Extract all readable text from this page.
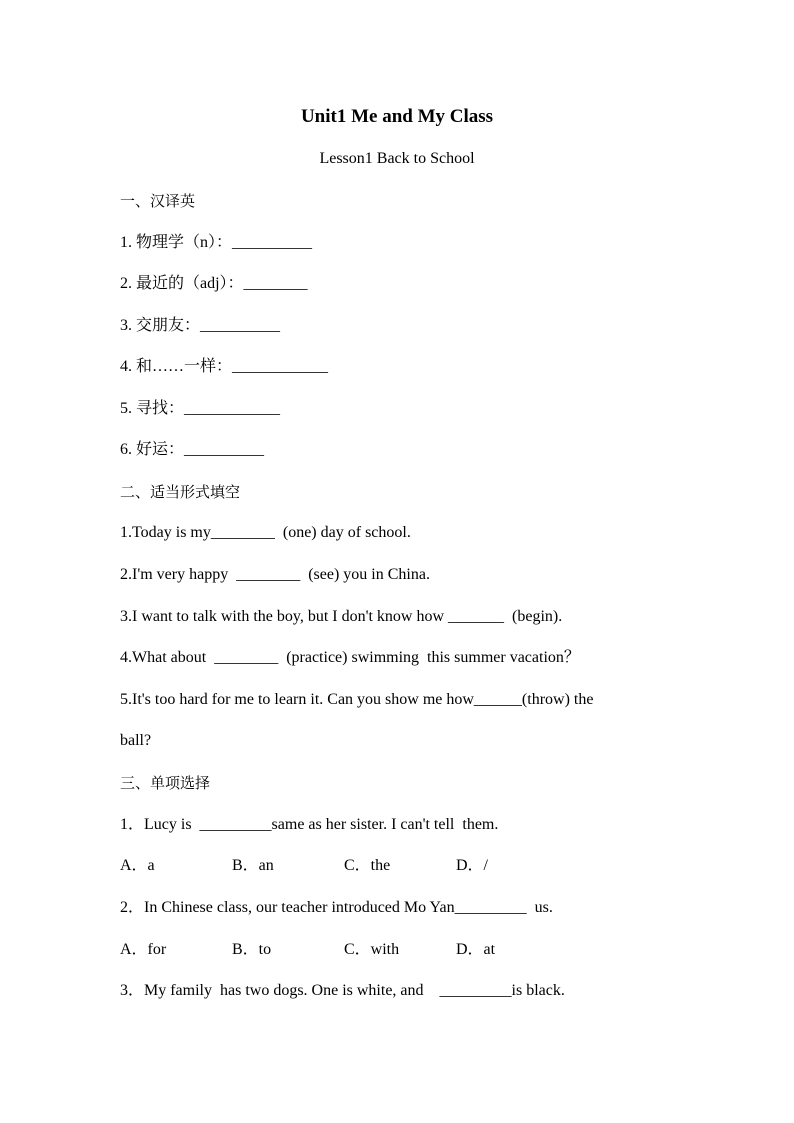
Unit1 Me and My Class
Lesson1 Back to School
一、汉译英
1. 物理学（n）：__________
2. 最近的（adj）：________
3. 交朋友：__________
4. 和……一样：____________
5. 寻找：____________
6. 好运：__________
二、适当形式填空
1.Today is my________  (one) day of school.
2.I'm very happy  ________  (see) you in China.
3.I want to talk with the boy, but I don't know how _______  (begin).
4.What about  ________  (practice) swimming  this summer vacation？
5.It's too hard for me to learn it. Can you show me how______(throw) the
ball?
三、单项选择
1．Lucy is  _________same as her sister. I can't tell  them.
A．a	B．an	C．the	D．/
2．In Chinese class, our teacher introduced Mo Yan_________  us.
A．for	B．to	C．with	D．at
3．My family  has two dogs. One is white, and    _________is black.
